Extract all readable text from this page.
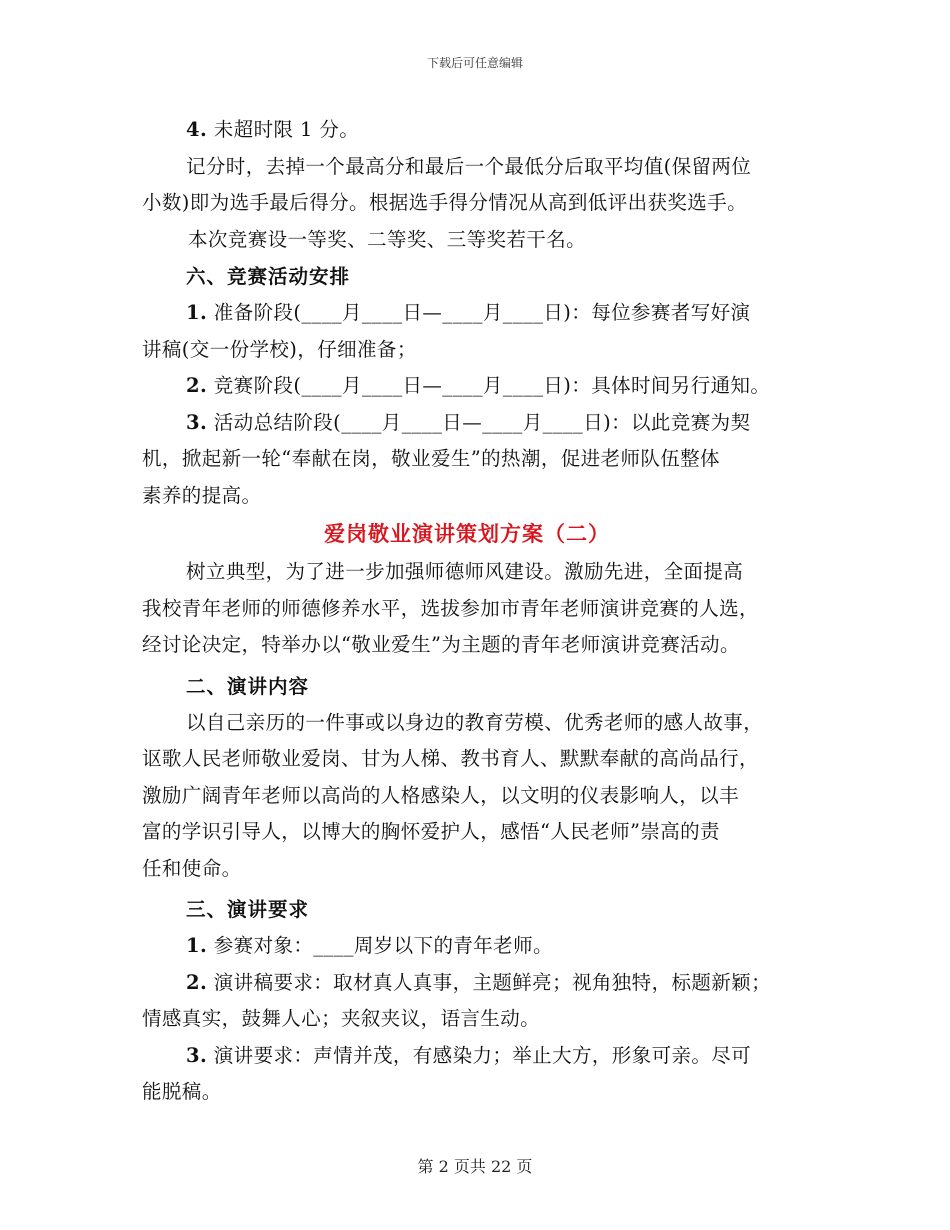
下载后可任意编辑

4. 未超时限 1 分。

记分时，去掉一个最高分和最后一个最低分后取平均值(保留两位

小数)即为选手最后得分。根据选手得分情况从高到低评出获奖选手。

本次竞赛设一等奖、二等奖、三等奖若干名。

六、竞赛活动安排

1. 准备阶段(____月____日—____月____日)：每位参赛者写好演

讲稿(交一份学校)，仔细准备；

2. 竞赛阶段(____月____日—____月____日)：具体时间另行通知。

3. 活动总结阶段(____月____日—____月____日)：以此竞赛为契

机，掀起新一轮“奉献在岗，敬业爱生”的热潮，促进老师队伍整体

素养的提高。

爱岗敬业演讲策划方案（二）

树立典型，为了进一步加强师德师风建设。激励先进，全面提高

我校青年老师的师德修养水平，选拔参加市青年老师演讲竞赛的人选，

经讨论决定，特举办以“敬业爱生”为主题的青年老师演讲竞赛活动。

二、演讲内容

以自己亲历的一件事或以身边的教育劳模、优秀老师的感人故事，

讴歌人民老师敬业爱岗、甘为人梯、教书育人、默默奉献的高尚品行，

激励广阔青年老师以高尚的人格感染人，以文明的仪表影响人，以丰

富的学识引导人，以博大的胸怀爱护人，感悟“人民老师”崇高的责

任和使命。

三、演讲要求

1. 参赛对象：____周岁以下的青年老师。

2. 演讲稿要求：取材真人真事，主题鲜亮；视角独特，标题新颖；

情感真实，鼓舞人心；夹叙夹议，语言生动。

3. 演讲要求：声情并茂，有感染力；举止大方，形象可亲。尽可

能脱稿。

第 2 页共 22 页
